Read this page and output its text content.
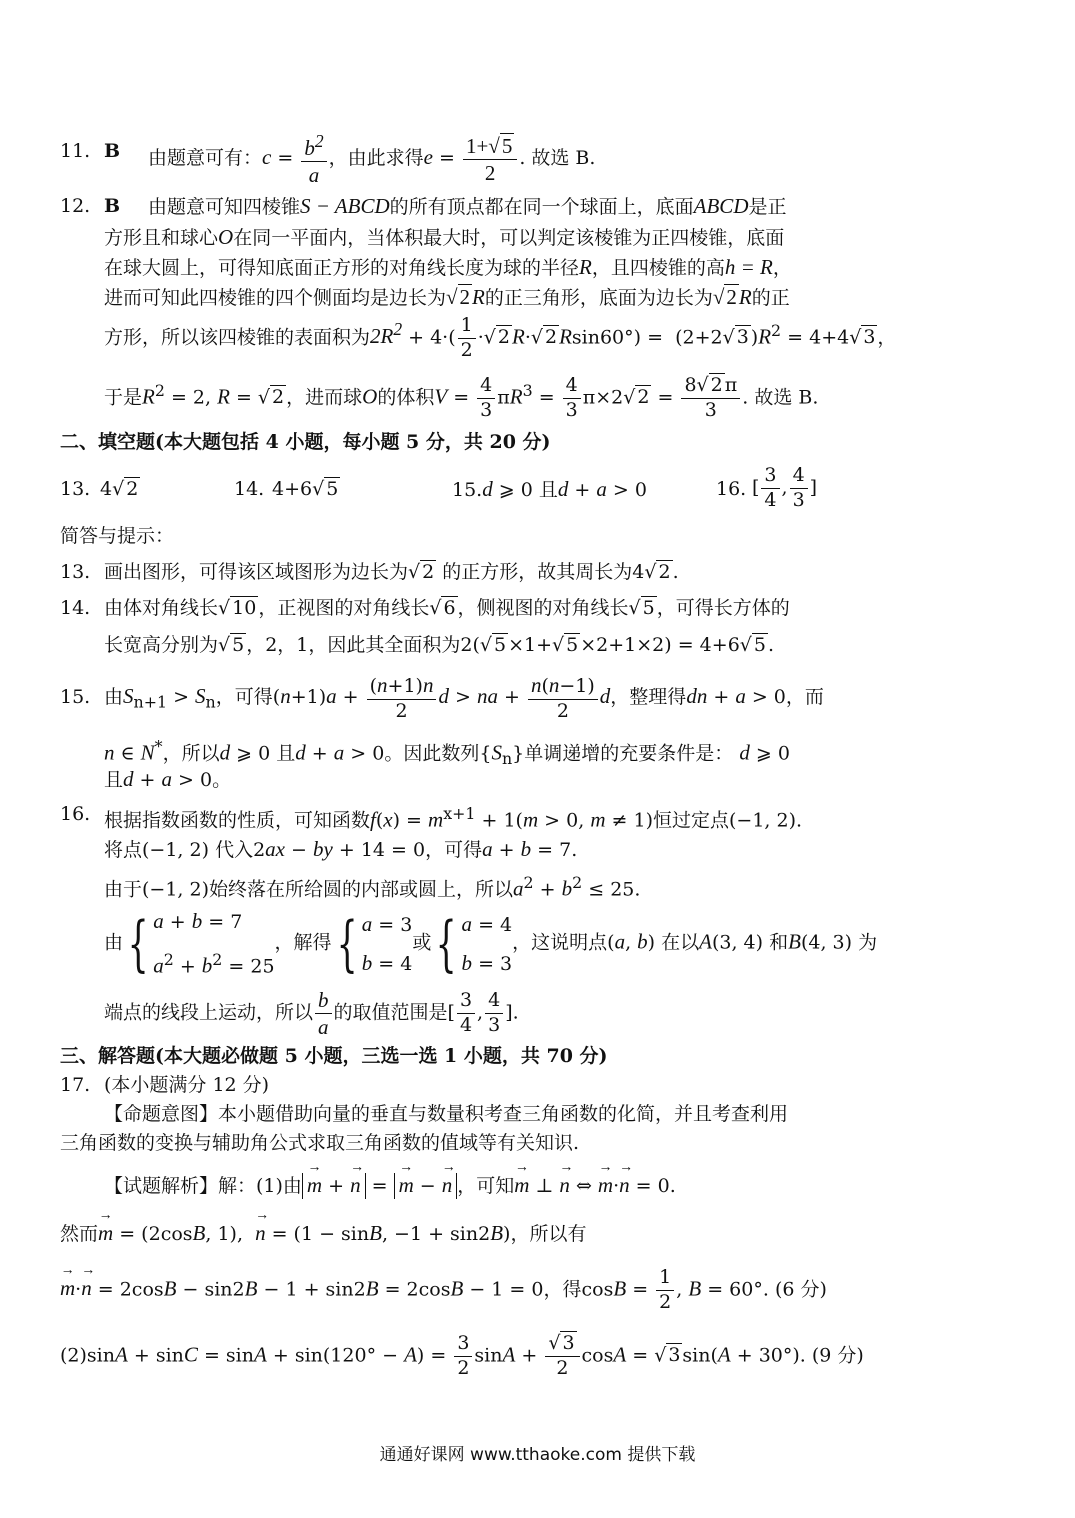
11. B 由题意可有：$c = \frac{b^2}{a}$ ，由此求得$e = \frac{1+√5}{2}$ . 故选 B.
12. B 由题意可知四棱锥S − ABCD的所有顶点都在同一个球面上，底面ABCD是正
方形且和球心O在同一平面内，当体积最大时，可以判定该棱锥为正四棱锥，底面
在球大圆上，可得知底面正方形的对角线长度为球的半径R，且四棱锥的高h = R，
进而可知此四棱锥的四个侧面均是边长为√2R的正三角形，底面为边长为√2R的正
方形，所以该四棱锥的表面积为$2R^2 + 4\cdot( \frac{1}{2}$ ·√ 2R·√ 2Rsin60°) =  (2+2√ 3 )$R^2 = 4+4√$ 3 ，
于是$R^2 = 2$, R = √ 2 ，进而球O的体积$V = \frac{4}{3} \pi R^3 = \frac{4}{3} \pi\times 2√$ $2 = \frac{8√ 2 \pi}{3}$ . 故选 B.
二、填空题(本大题包括 4 小题，每小题 5 分，共 20 分)
13. 4√ 2	14. 4+6√ 5	15.d ⩾ 0 且d + a > 0	16. [ $\frac{3}{4}$ , $\frac{4}{3}$ ]
简答与提示：
13. 画出图形，可得该区域图形为边长为√ 2 的正方形，故其周长为4√ 2 .
14. 由体对角线长√ 10 ，正视图的对角线长√ 6 ，侧视图的对角线长√ 5 ，可得长方体的
长宽高分别为√ 5 ，2，1，因此其全面积为2(√ 5 ×1+√ 5 ×2+1×2) = 4+6√ 5 .
15. 由$S_{n+1} > S_n$，可得$(n+1)a + \frac{(n+1)n}{2}$ d > na + $\frac{n(n-1)}{2}$ d，整理得dn + a > 0，而
n ∈ N*，所以d ⩾ 0 且d + a > 0。因此数列$\{S_n\}$单调递增的充要条件是： d ⩾ 0
且d + a > 0。
16. 根据指数函数的性质，可知函数$f(x) = m^{x+1} + 1(m > 0$, m ≠ 1)恒过定点(−1, 2).
将点(−1, 2) 代入2ax − by + 14 = 0，可得a + b = 7.
由于(−1, 2)始终落在所给圆的内部或圆上，所以$a^2 + b^2 \le 25$.
由 { a + b = 7
$a^2 + b^2 = 25$
，解得 { a = 3
b = 4
或 { a = 4
b = 3
，这说明点(a, b) 在以A(3, 4) 和B(4, 3) 为
端点的线段上运动，所以 $\frac{b}{a}$ 的取值范围是[ $\frac{3}{4}$ , $\frac{4}{3}$ ].
三、解答题(本大题必做题 5 小题，三选一选 1 小题，共 70 分)
17. (本小题满分 12 分)
【命题意图】本小题借助向量的垂直与数量积考查三角函数的化简，并且考查利用
三角函数的变换与辅助角公式求取三角函数的值域等有关知识.
【试题解析】解：(1)由→ m + → n = → m − → n ，可知→ m ⊥ → n ⇔ → m·→ n = 0.
然而→ m = (2cosB, 1),  → n = (1 − sinB, −1 + sin2B)，所以有
→ m·→ n = 2cosB − sin2B − 1 + sin2B = 2cosB − 1 = 0，得$\cos B = \frac{1}{2}$ , B = 60°. (6 分)
$(2)\sin A + \sin C = \sin A + \sin(120^\circ - A) = \frac{3}{2}$ $\sin A + \frac{√ 3}{2}$ cosA = √ 3 sin(A + 30°). (9 分)
通通好课网 www.tthaoke.com 提供下载
